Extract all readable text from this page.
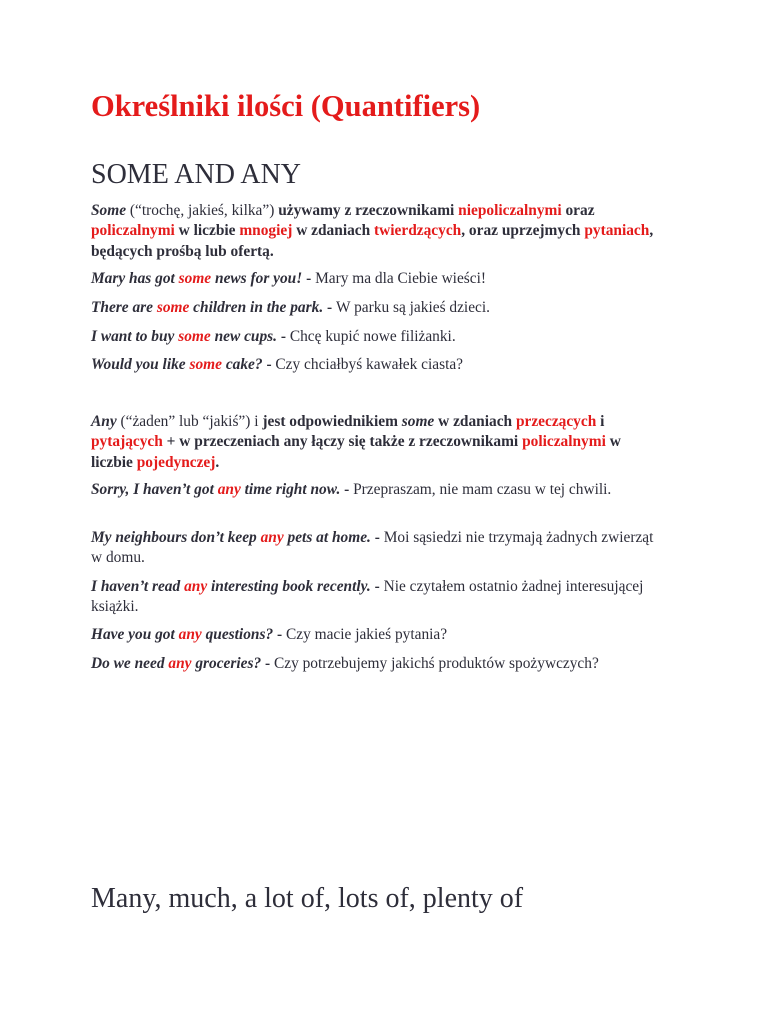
Określniki ilości (Quantifiers)
SOME AND ANY

Some (“trochę, jakieś, kilka”) używamy z rzeczownikami niepoliczalnymi oraz policzalnymi w liczbie mnogiej w zdaniach twierdzących, oraz uprzejmych pytaniach, będących prośbą lub ofertą.

Mary has got some news for you! - Mary ma dla Ciebie wieści!

There are some children in the park. - W parku są jakieś dzieci.

I want to buy some new cups. - Chcę kupić nowe filiżanki.

Would you like some cake? - Czy chciałbyś kawałek ciasta?

Any (“żaden” lub “jakiś”) i jest odpowiednikiem some w zdaniach przeczących i pytających + w przeczeniach any łączy się także z rzeczownikami policzalnymi w liczbie pojedynczej.

Sorry, I haven’t got any time right now. - Przepraszam, nie mam czasu w tej chwili.

My neighbours don’t keep any pets at home. - Moi sąsiedzi nie trzymają żadnych zwierząt w domu.

I haven’t read any interesting book recently. - Nie czytałem ostatnio żadnej interesującej książki.

Have you got any questions? - Czy macie jakieś pytania?

Do we need any groceries? - Czy potrzebujemy jakichś produktów spożywczych?

Many, much, a lot of, lots of, plenty of
